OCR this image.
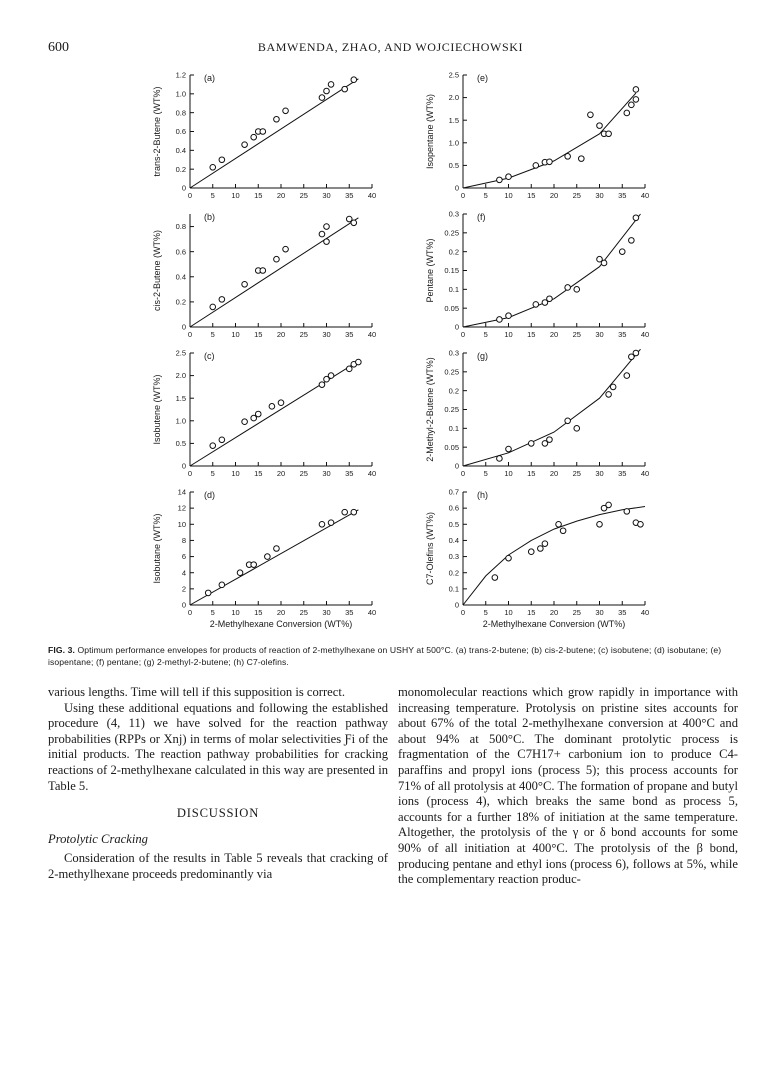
600	BAMWENDA, ZHAO, AND WOJCIECHOWSKI
0 5 10 15 20 25 30 35 40
0
0.2
0.4
0.6
0.8
1.0
1.2 (a)
trans-2-Butene (WT%)
0 5 10 15 20 25 30 35 40
0
0.2
0.4
0.6
0.8
(b)
cis-2-Butene (WT%)
0 5 10 15 20 25 30 35 40
0
0.5
1.0
1.5
2.0
2.5 (c)
Isobutene (WT%)
0 5 10 15 20 25 30 35 40
0
2
4
6
8
10
12
14 (d)
Isobutane (WT%)
2-Methylhexane Conversion (WT%)
0 5 10 15 20 25 30 35 40
0
0.5
1.0
1.5
2.0
2.5 (e)
Isopentane (WT%)
0 5 10 15 20 25 30 35 40
0
0.05
0.1
0.15
0.2
0.25
0.3 (f)
Pentane (WT%)
0 5 10 15 20 25 30 35 40
0
0.05
0.1
0.25
0.2
0.25
0.3 (g)
2-Methyl-2-Butene (WT%)
0 5 10 15 20 25 30 35 40
0
0.1
0.2
0.3
0.4
0.5
0.6
0.7 (h)
C7-Olefins (WT%)
2-Methylhexane Conversion (WT%)
FIG. 3. Optimum performance envelopes for products of reaction of 2-methylhexane on USHY at 500°C. (a) trans-2-butene; (b) cis-2-butene; (c) isobutene; (d) isobutane; (e) isopentane; (f) pentane; (g) 2-methyl-2-butene; (h) C7-olefins.

various lengths. Time will tell if this supposition is correct.

Using these additional equations and following the established procedure (4, 11) we have solved for the reaction pathway probabilities (RPPs or Xnj) in terms of molar selectivities Ƒi of the initial products. The reaction pathway probabilities for cracking reactions of 2-methylhexane calculated in this way are presented in Table 5.

DISCUSSION

Protolytic Cracking

Consideration of the results in Table 5 reveals that cracking of 2-methylhexane proceeds predominantly via

monomolecular reactions which grow rapidly in importance with increasing temperature. Protolysis on pristine sites accounts for about 67% of the total 2-methylhexane conversion at 400°C and about 94% at 500°C. The dominant protolytic process is fragmentation of the C7H17+ carbonium ion to produce C4-paraffins and propyl ions (process 5); this process accounts for 71% of all protolysis at 400°C. The formation of propane and butyl ions (process 4), which breaks the same bond as process 5, accounts for a further 18% of initiation at the same temperature. Altogether, the protolysis of the γ or δ bond accounts for some 90% of all initiation at 400°C. The protolysis of the β bond, producing pentane and ethyl ions (process 6), follows at 5%, while the complementary reaction produc-
